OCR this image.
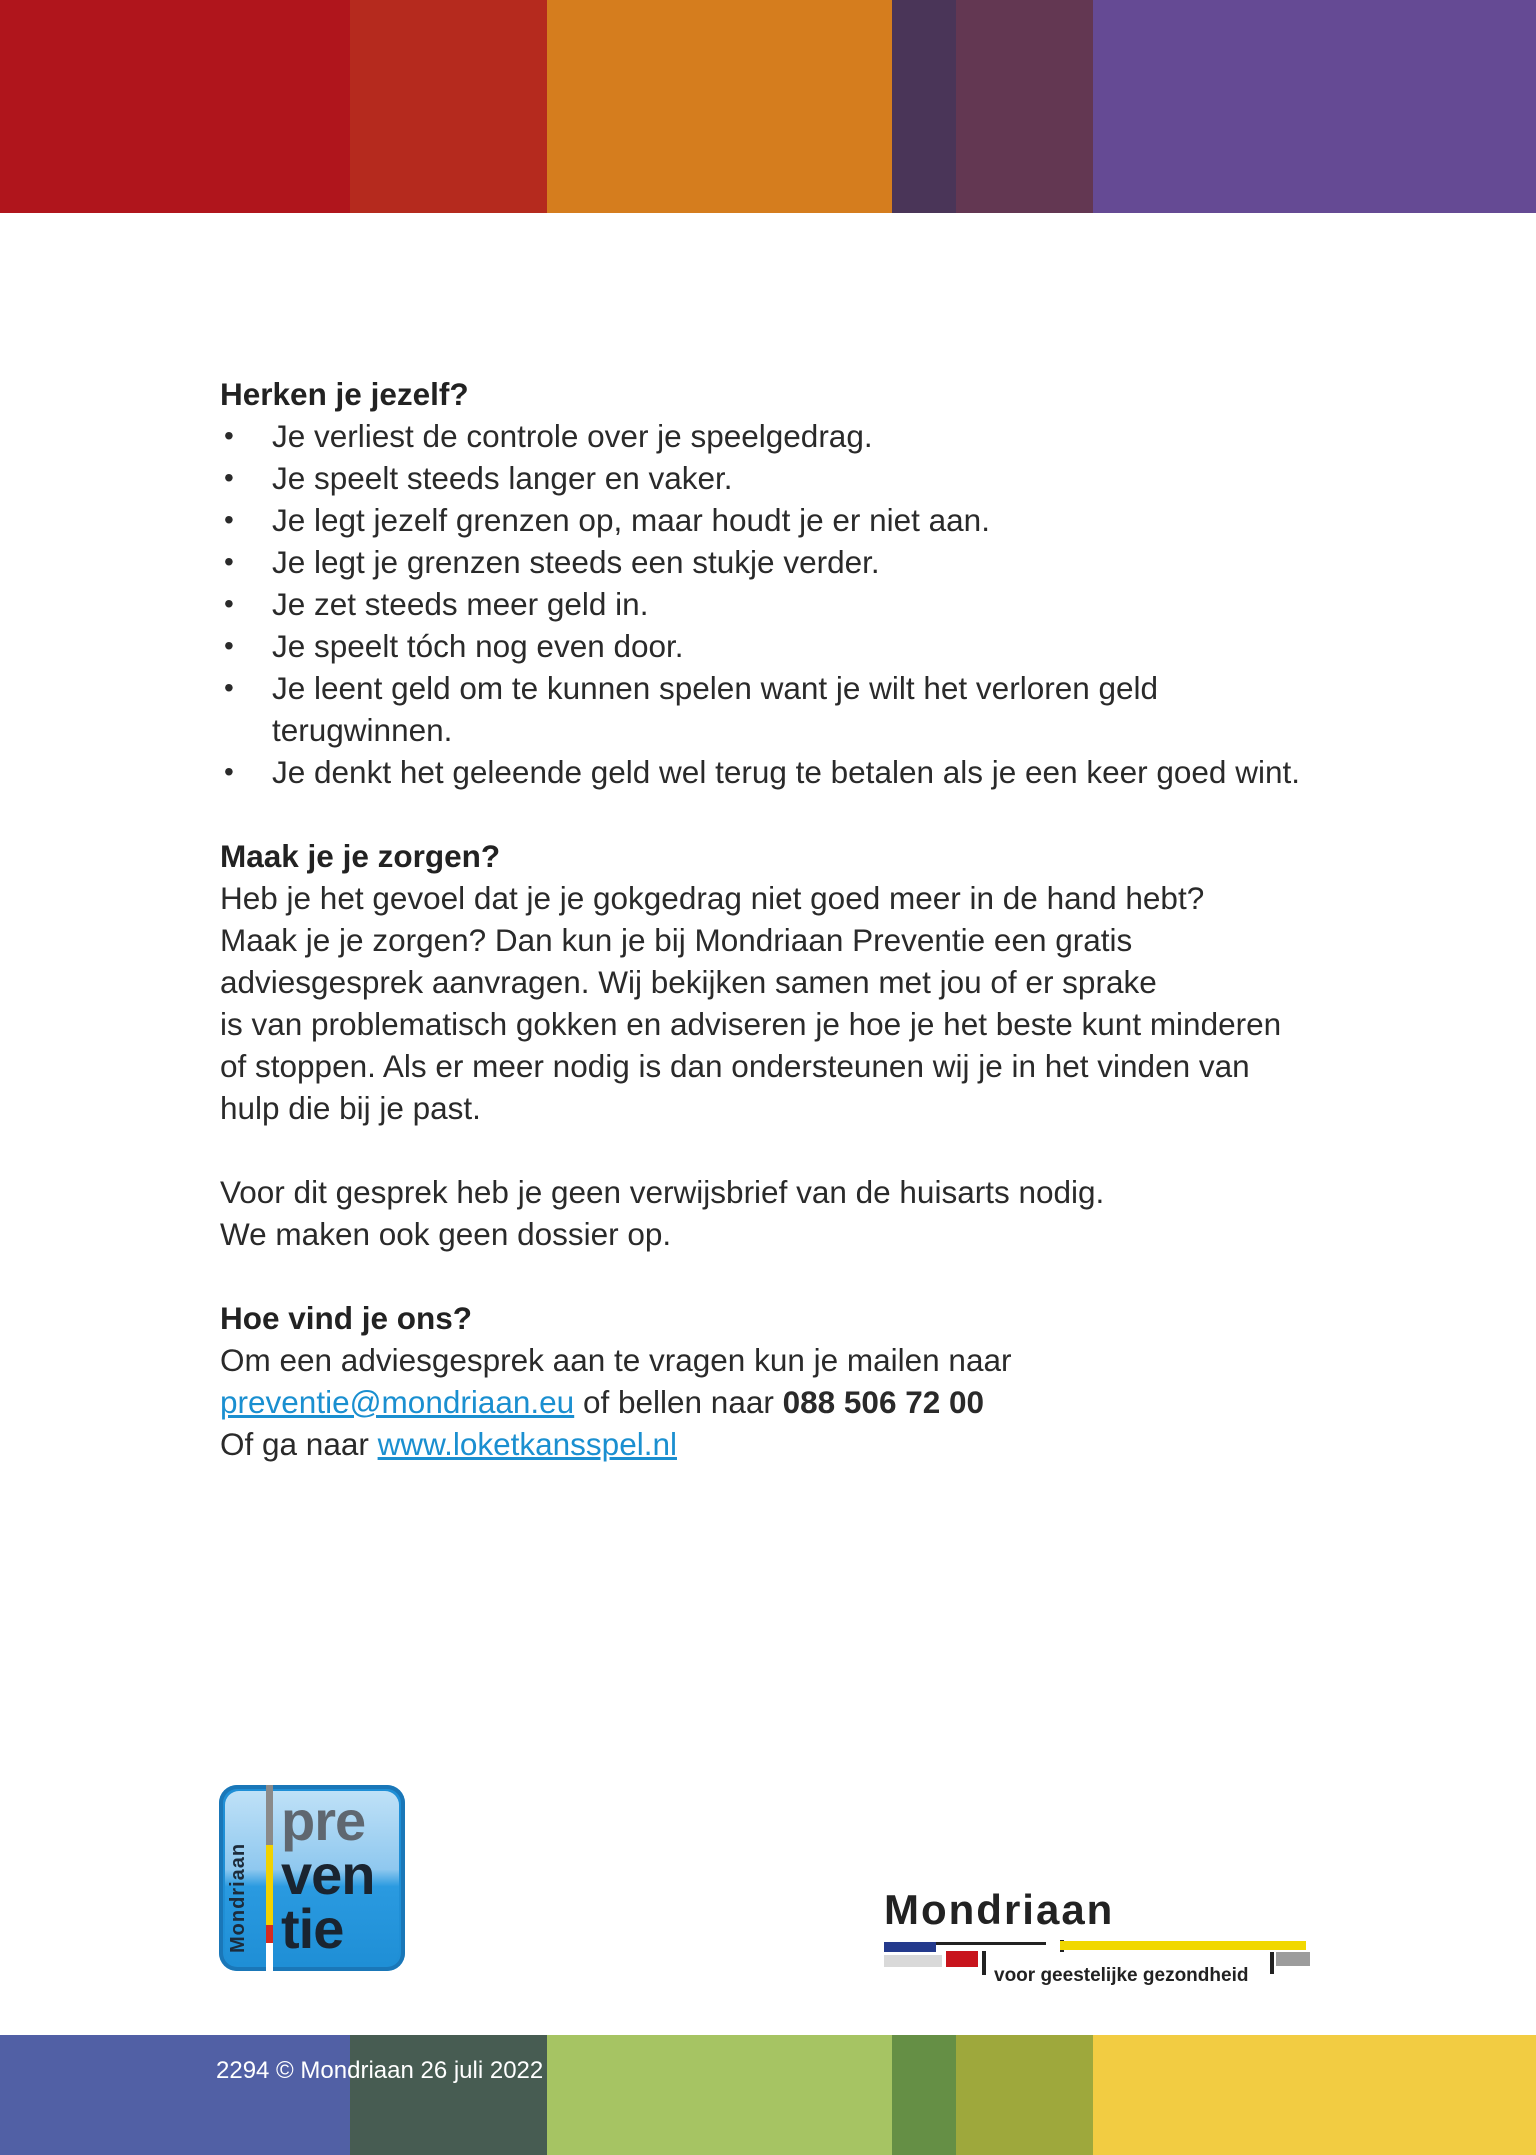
Herken je jezelf?
• Je verliest de controle over je speelgedrag.
• Je speelt steeds langer en vaker.
• Je legt jezelf grenzen op, maar houdt je er niet aan.
• Je legt je grenzen steeds een stukje verder.
• Je zet steeds meer geld in.
• Je speelt tóch nog even door.
• Je leent geld om te kunnen spelen want je wilt het verloren geld terugwinnen.
• Je denkt het geleende geld wel terug te betalen als je een keer goed wint.
Maak je je zorgen?

Heb je het gevoel dat je je gokgedrag niet goed meer in de hand hebt?

Maak je je zorgen? Dan kun je bij Mondriaan Preventie een gratis

adviesgesprek aanvragen. Wij bekijken samen met jou of er sprake

is van problematisch gokken en adviseren je hoe je het beste kunt minderen

of stoppen. Als er meer nodig is dan ondersteunen wij je in het vinden van

hulp die bij je past.

Voor dit gesprek heb je geen verwijsbrief van de huisarts nodig.

We maken ook geen dossier op.

Hoe vind je ons?

Om een adviesgesprek aan te vragen kun je mailen naar

preventie@mondriaan.eu of bellen naar 088 506 72 00

Of ga naar www.loketkansspel.nl

Mondriaan
pre
ven
tie	Mondriaan
voor geestelijke gezondheid
2294 © Mondriaan 26 juli 2022
